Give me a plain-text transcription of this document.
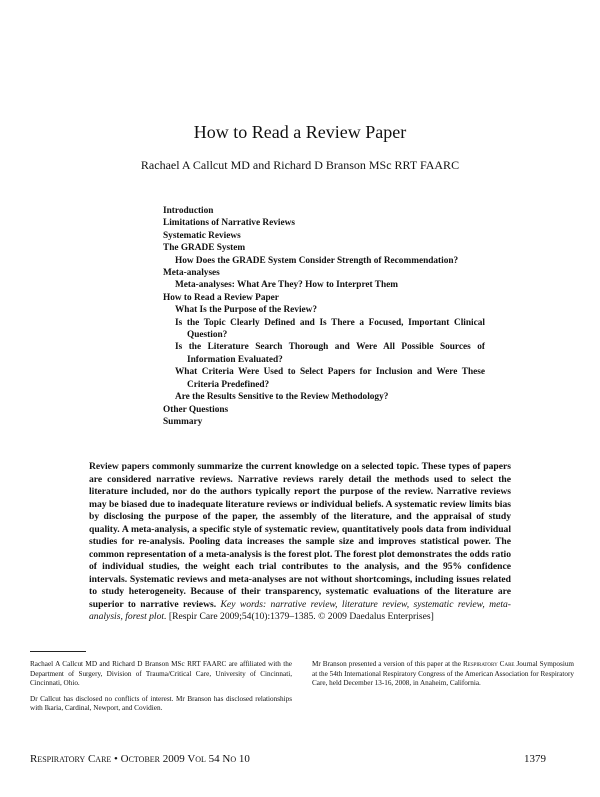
How to Read a Review Paper
Rachael A Callcut MD and Richard D Branson MSc RRT FAARC
Introduction
Limitations of Narrative Reviews
Systematic Reviews
The GRADE System
How Does the GRADE System Consider Strength of Recommendation?
Meta-analyses
Meta-analyses: What Are They? How to Interpret Them
How to Read a Review Paper
What Is the Purpose of the Review?
Is the Topic Clearly Defined and Is There a Focused, Important Clinical Question?
Is the Literature Search Thorough and Were All Possible Sources of Information Evaluated?
What Criteria Were Used to Select Papers for Inclusion and Were These Criteria Predefined?
Are the Results Sensitive to the Review Methodology?
Other Questions
Summary

Review papers commonly summarize the current knowledge on a selected topic. These types of papers are considered narrative reviews. Narrative reviews rarely detail the methods used to select the literature included, nor do the authors typically report the purpose of the review. Narrative reviews may be biased due to inadequate literature reviews or individual beliefs. A systematic review limits bias by disclosing the purpose of the paper, the assembly of the literature, and the appraisal of study quality. A meta-analysis, a specific style of systematic review, quantitatively pools data from individual studies for re-analysis. Pooling data increases the sample size and improves statistical power. The common representation of a meta-analysis is the forest plot. The forest plot demonstrates the odds ratio of individual studies, the weight each trial contributes to the analysis, and the 95% confidence intervals. Systematic reviews and meta-analyses are not without shortcomings, including issues related to study heterogeneity. Because of their transparency, systematic evaluations of the literature are superior to narrative reviews. Key words: narrative review, literature review, systematic review, meta-analysis, forest plot. [Respir Care 2009;54(10):1379–1385. © 2009 Daedalus Enterprises]

Rachael A Callcut MD and Richard D Branson MSc RRT FAARC are affiliated with the Department of Surgery, Division of Trauma/Critical Care, University of Cincinnati, Cincinnati, Ohio.

Dr Callcut has disclosed no conflicts of interest. Mr Branson has disclosed relationships with Ikaria, Cardinal, Newport, and Covidien.

Mr Branson presented a version of this paper at the Respiratory Care Journal Symposium at the 54th International Respiratory Congress of the American Association for Respiratory Care, held December 13-16, 2008, in Anaheim, California.
Respiratory Care • October 2009 Vol 54 No 10	1379
